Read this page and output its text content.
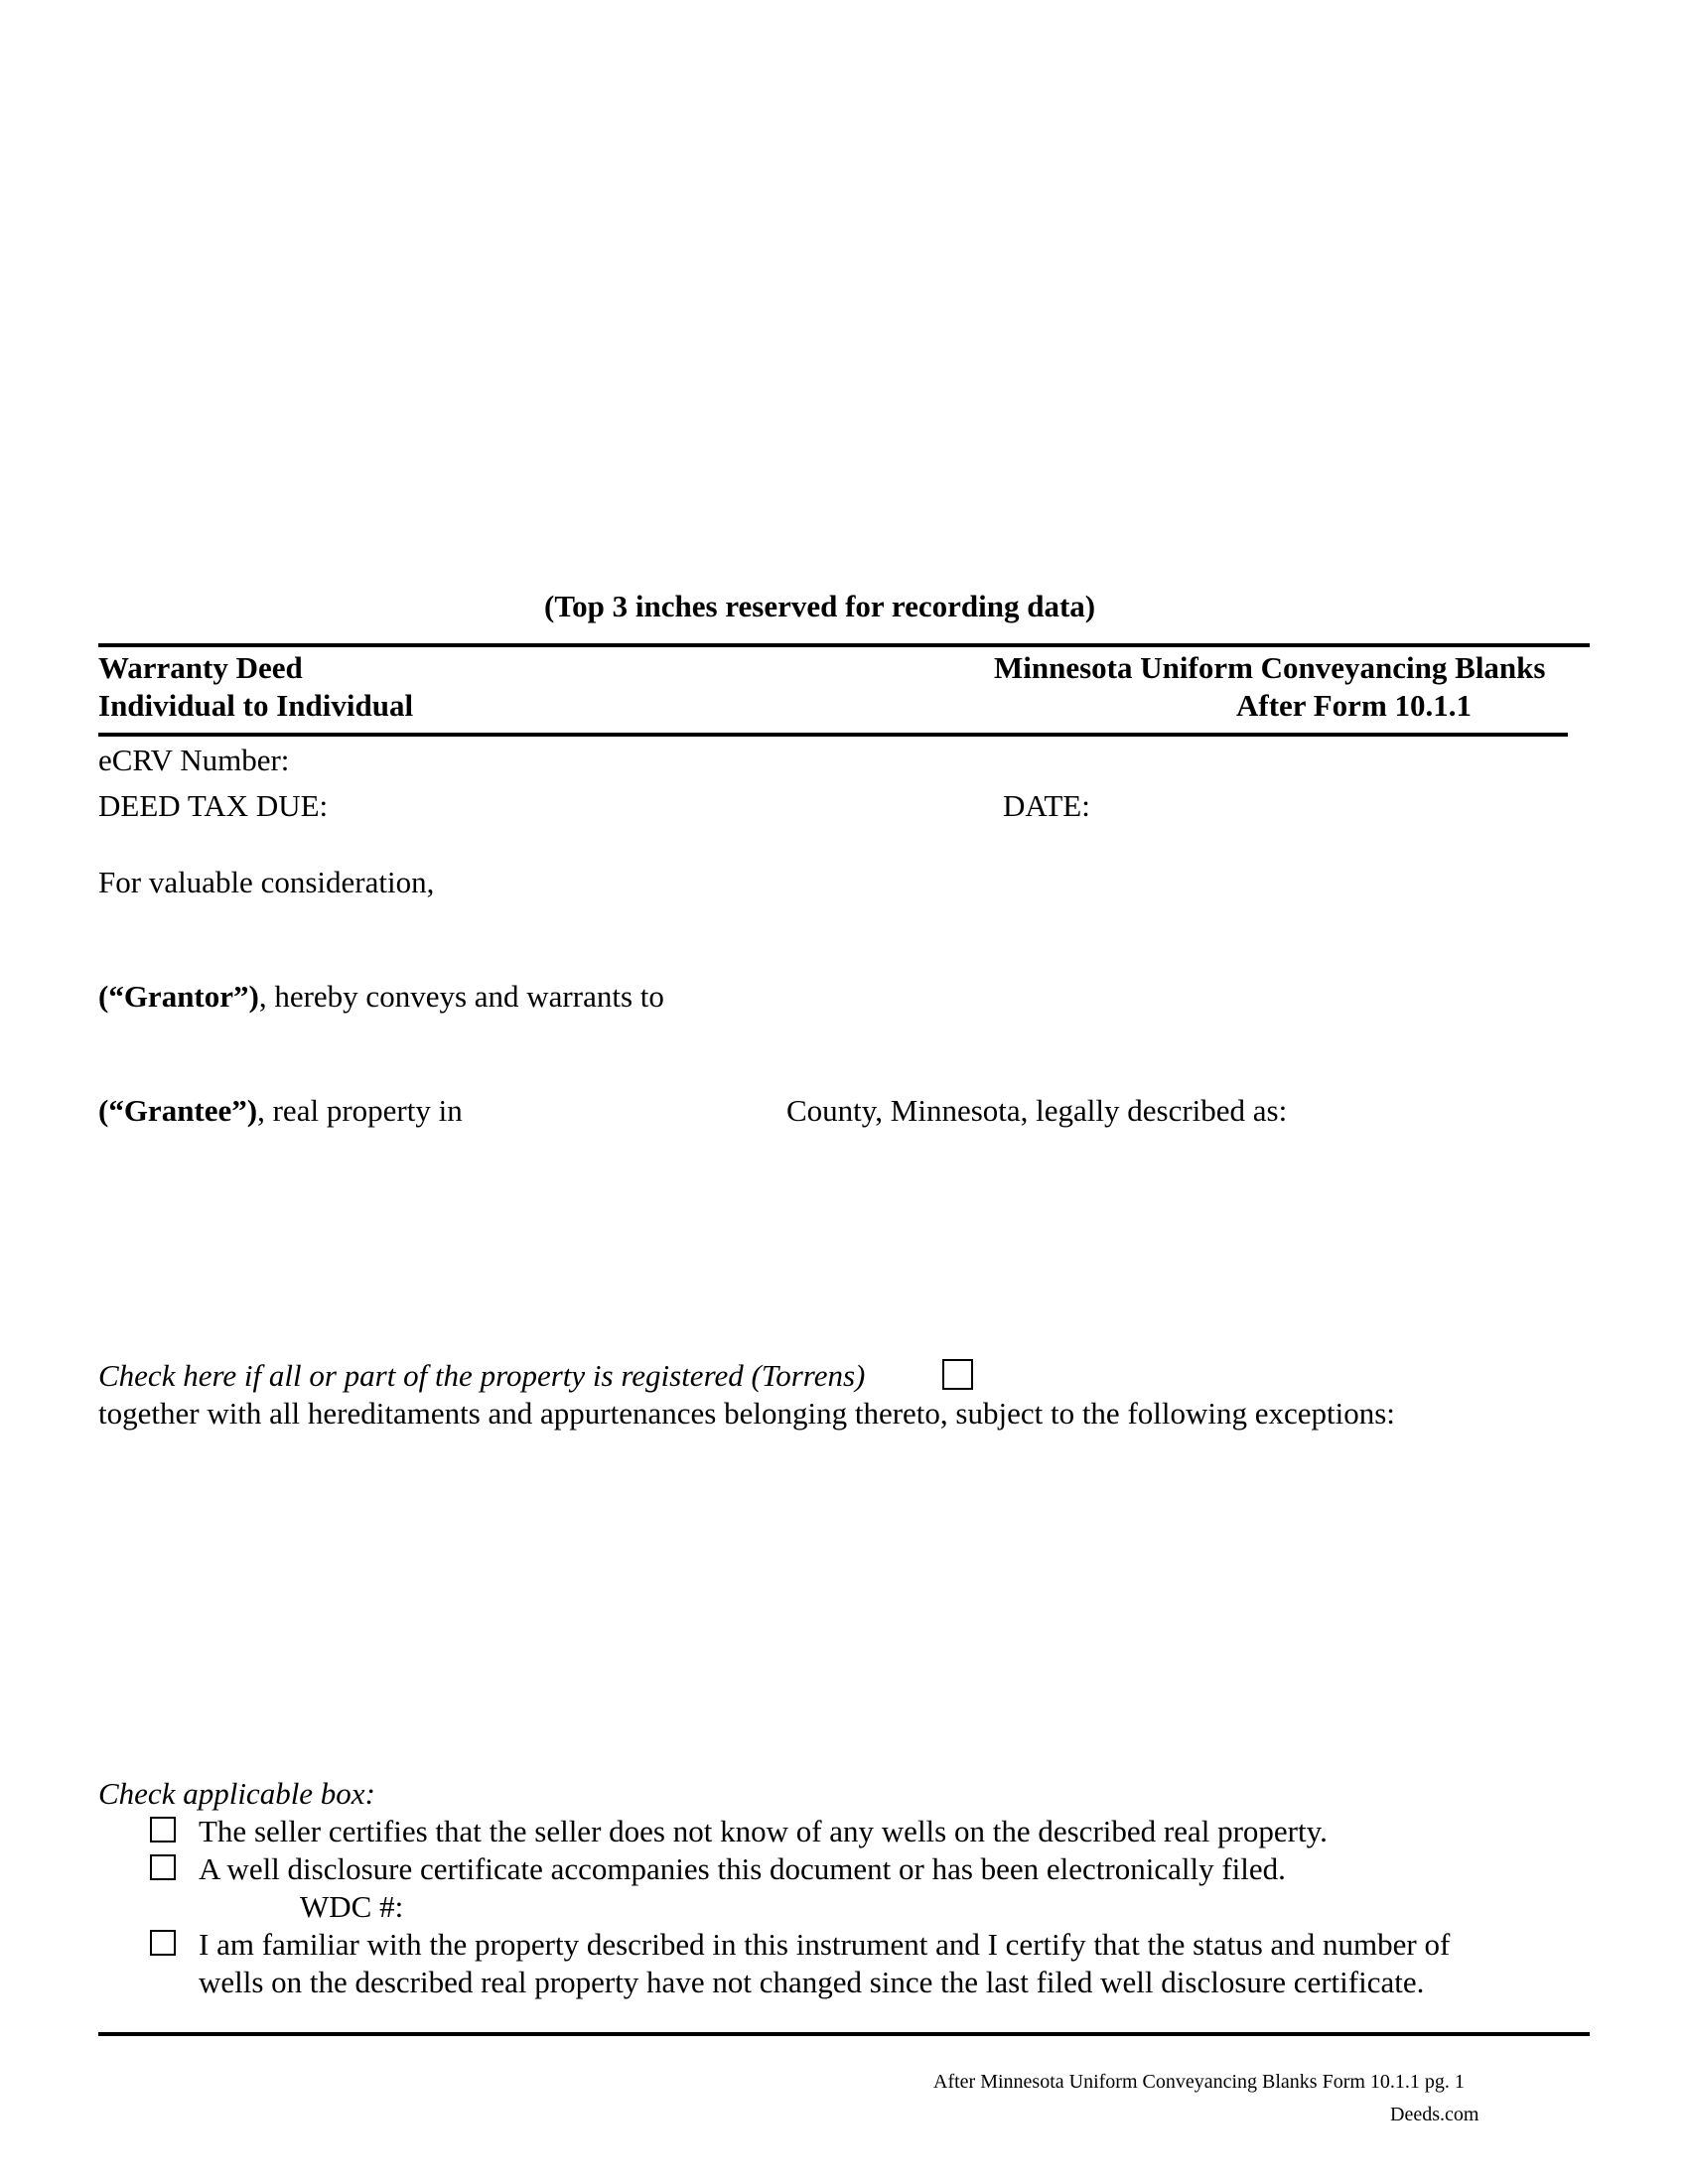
(Top 3 inches reserved for recording data)
Warranty Deed
Individual to Individual
Minnesota Uniform Conveyancing Blanks
After Form 10.1.1
eCRV Number:
DEED TAX DUE:	DATE:
For valuable consideration,
(“Grantor”), hereby conveys and warrants to
(“Grantee”), real property in	County, Minnesota, legally described as:
Check here if all or part of the property is registered (Torrens)
together with all hereditaments and appurtenances belonging thereto, subject to the following exceptions:
Check applicable box:
The seller certifies that the seller does not know of any wells on the described real property.
A well disclosure certificate accompanies this document or has been electronically filed.
WDC #:
I am familiar with the property described in this instrument and I certify that the status and number of
wells on the described real property have not changed since the last filed well disclosure certificate.
After Minnesota Uniform Conveyancing Blanks Form 10.1.1 pg. 1
Deeds.com
